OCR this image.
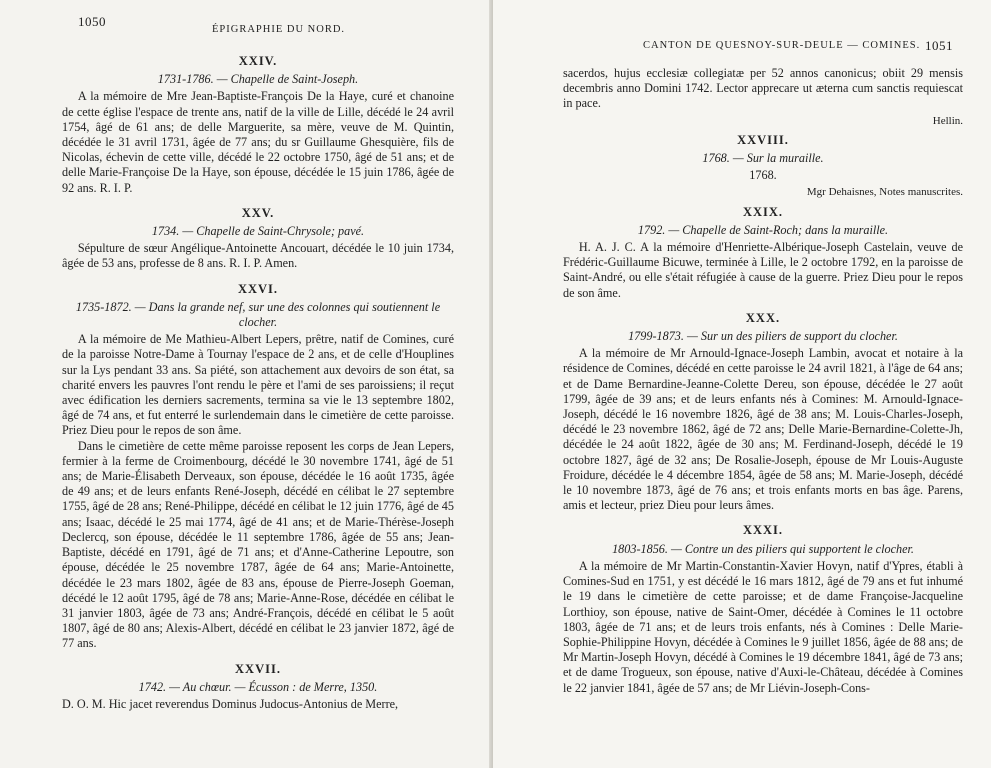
1050
ÉPIGRAPHIE DU NORD.
XXIV.
1731-1786. — Chapelle de Saint-Joseph.

A la mémoire de Mre Jean-Baptiste-François De la Haye, curé et chanoine de cette église l'espace de trente ans, natif de la ville de Lille, décédé le 24 avril 1754, âgé de 61 ans; de delle Marguerite, sa mère, veuve de M. Quintin, décédée le 31 avril 1731, âgée de 77 ans; du sr Guillaume Ghesquière, fils de Nicolas, échevin de cette ville, décédé le 22 octobre 1750, âgé de 51 ans; et de delle Marie-Françoise De la Haye, son épouse, décédée le 15 juin 1786, âgée de 92 ans. R. I. P.

XXV.
1734. — Chapelle de Saint-Chrysole; pavé.

Sépulture de sœur Angélique-Antoinette Ancouart, décédée le 10 juin 1734, âgée de 53 ans, professe de 8 ans. R. I. P. Amen.

XXVI.
1735-1872. — Dans la grande nef, sur une des colonnes qui soutiennent le clocher.

A la mémoire de Me Mathieu-Albert Lepers, prêtre, natif de Comines, curé de la paroisse Notre-Dame à Tournay l'espace de 2 ans, et de celle d'Houplines sur la Lys pendant 33 ans. Sa piété, son attachement aux devoirs de son état, sa charité envers les pauvres l'ont rendu le père et l'ami de ses paroissiens; il reçut avec édification les derniers sacrements, termina sa vie le 13 septembre 1802, âgé de 74 ans, et fut enterré le surlendemain dans le cimetière de cette paroisse. Priez Dieu pour le repos de son âme.

Dans le cimetière de cette même paroisse reposent les corps de Jean Lepers, fermier à la ferme de Croimenbourg, décédé le 30 novembre 1741, âgé de 51 ans; de Marie-Élisabeth Derveaux, son épouse, décédée le 16 août 1735, âgée de 49 ans; et de leurs enfants René-Joseph, décédé en célibat le 27 septembre 1755, âgé de 28 ans; René-Philippe, décédé en célibat le 12 juin 1776, âgé de 45 ans; Isaac, décédé le 25 mai 1774, âgé de 41 ans; et de Marie-Thérèse-Joseph Declercq, son épouse, décédée le 11 septembre 1786, âgée de 55 ans; Jean-Baptiste, décédé en 1791, âgé de 71 ans; et d'Anne-Catherine Lepoutre, son épouse, décédée le 25 novembre 1787, âgée de 64 ans; Marie-Antoinette, décédée le 23 mars 1802, âgée de 83 ans, épouse de Pierre-Joseph Goeman, décédé le 12 août 1795, âgé de 78 ans; Marie-Anne-Rose, décédée en célibat le 31 janvier 1803, âgée de 73 ans; André-François, décédé en célibat le 5 août 1807, âgé de 80 ans; Alexis-Albert, décédé en célibat le 23 janvier 1872, âgé de 77 ans.

XXVII.
1742. — Au chœur. — Écusson : de Merre, 1350.

D. O. M. Hic jacet reverendus Dominus Judocus-Antonius de Merre,

CANTON DE QUESNOY-SUR-DEULE — COMINES. 1051

sacerdos, hujus ecclesiæ collegiatæ per 52 annos canonicus; obiit 29 mensis decembris anno Domini 1742. Lector apprecare ut æterna cum sanctis requiescat in pace.

Hellin.
XXVIII.
1768. — Sur la muraille.

1768.

Mgr Dehaisnes, Notes manuscrites.
XXIX.
1792. — Chapelle de Saint-Roch; dans la muraille.

H. A. J. C. A la mémoire d'Henriette-Albérique-Joseph Castelain, veuve de Frédéric-Guillaume Bicuwe, terminée à Lille, le 2 octobre 1792, en la paroisse de Saint-André, ou elle s'était réfugiée à cause de la guerre. Priez Dieu pour le repos de son âme.

XXX.
1799-1873. — Sur un des piliers de support du clocher.

A la mémoire de Mr Arnould-Ignace-Joseph Lambin, avocat et notaire à la résidence de Comines, décédé en cette paroisse le 24 avril 1821, à l'âge de 64 ans; et de Dame Bernardine-Jeanne-Colette Dereu, son épouse, décédée le 27 août 1799, âgée de 39 ans; et de leurs enfants nés à Comines: M. Arnould-Ignace-Joseph, décédé le 16 novembre 1826, âgé de 38 ans; M. Louis-Charles-Joseph, décédé le 23 novembre 1862, âgé de 72 ans; Delle Marie-Bernardine-Colette-Jh, décédée le 24 août 1822, âgée de 30 ans; M. Ferdinand-Joseph, décédé le 19 octobre 1827, âgé de 32 ans; De Rosalie-Joseph, épouse de Mr Louis-Auguste Froidure, décédée le 4 décembre 1854, âgée de 58 ans; M. Marie-Joseph, décédé le 10 novembre 1873, âgé de 76 ans; et trois enfants morts en bas âge. Parens, amis et lecteur, priez Dieu pour leurs âmes.

XXXI.
1803-1856. — Contre un des piliers qui supportent le clocher.

A la mémoire de Mr Martin-Constantin-Xavier Hovyn, natif d'Ypres, établi à Comines-Sud en 1751, y est décédé le 16 mars 1812, âgé de 79 ans et fut inhumé le 19 dans le cimetière de cette paroisse; et de dame Françoise-Jacqueline Lorthioy, son épouse, native de Saint-Omer, décédée à Comines le 11 octobre 1803, âgée de 71 ans; et de leurs trois enfants, nés à Comines : Delle Marie-Sophie-Philippine Hovyn, décédée à Comines le 9 juillet 1856, âgée de 88 ans; de Mr Martin-Joseph Hovyn, décédé à Comines le 19 décembre 1841, âgé de 73 ans; et de dame Trogueux, son épouse, native d'Auxi-le-Château, décédée à Comines le 22 janvier 1841, âgée de 57 ans; de Mr Liévin-Joseph-Cons-
